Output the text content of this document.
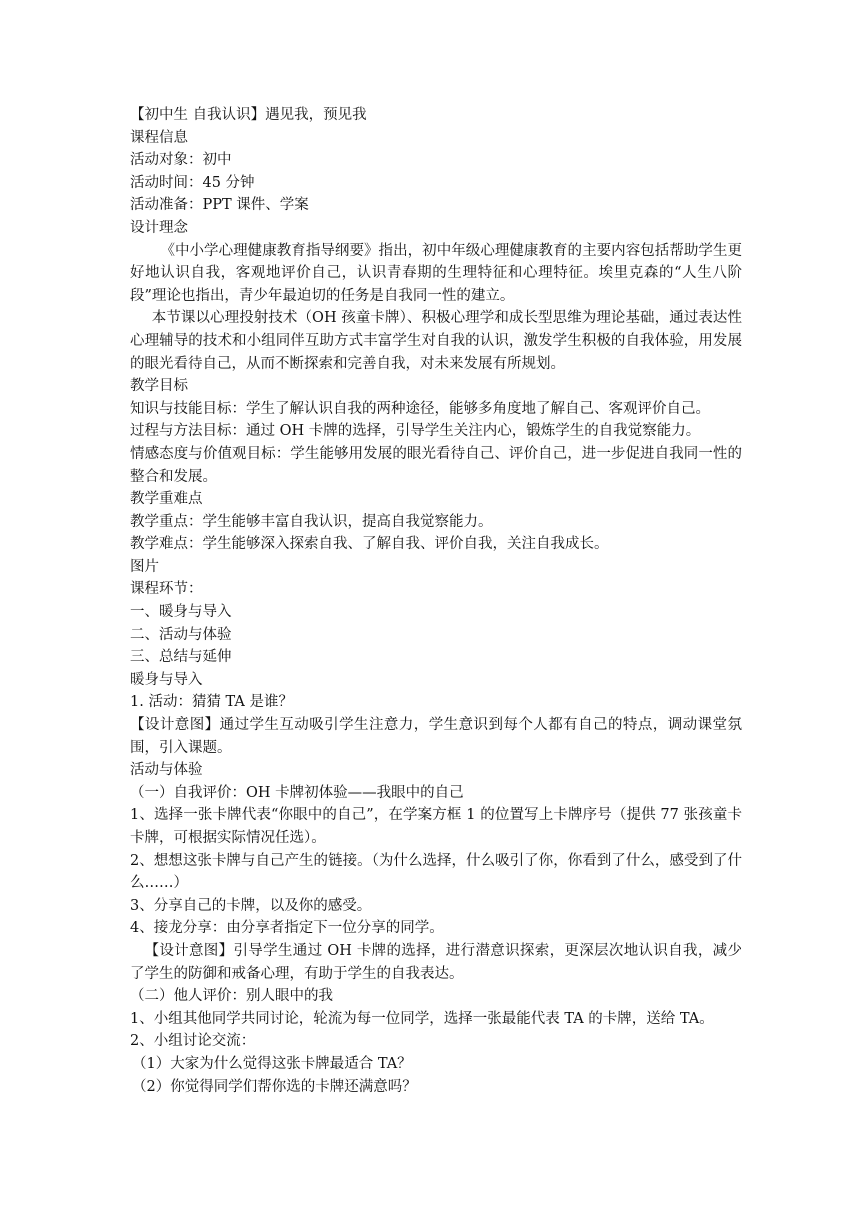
【初中生 自我认识】遇见我，预见我

课程信息

活动对象：初中

活动时间：45 分钟

活动准备：PPT 课件、学案

设计理念

《中小学心理健康教育指导纲要》指出，初中年级心理健康教育的主要内容包括帮助学生更好地认识自我，客观地评价自己，认识青春期的生理特征和心理特征。埃里克森的“人生八阶段”理论也指出，青少年最迫切的任务是自我同一性的建立。

本节课以心理投射技术（OH 孩童卡牌）、积极心理学和成长型思维为理论基础，通过表达性心理辅导的技术和小组同伴互助方式丰富学生对自我的认识，激发学生积极的自我体验，用发展的眼光看待自己，从而不断探索和完善自我，对未来发展有所规划。

教学目标

知识与技能目标：学生了解认识自我的两种途径，能够多角度地了解自己、客观评价自己。

过程与方法目标：通过 OH 卡牌的选择，引导学生关注内心，锻炼学生的自我觉察能力。

情感态度与价值观目标：学生能够用发展的眼光看待自己、评价自己，进一步促进自我同一性的整合和发展。

教学重难点

教学重点：学生能够丰富自我认识，提高自我觉察能力。

教学难点：学生能够深入探索自我、了解自我、评价自我，关注自我成长。

图片

课程环节：

一、暖身与导入

二、活动与体验

三、总结与延伸

暖身与导入

1. 活动：猜猜 TA 是谁？

【设计意图】通过学生互动吸引学生注意力，学生意识到每个人都有自己的特点，调动课堂氛围，引入课题。

活动与体验

（一）自我评价：OH 卡牌初体验——我眼中的自己

1、选择一张卡牌代表“你眼中的自己”，在学案方框 1 的位置写上卡牌序号（提供 77 张孩童卡卡牌，可根据实际情况任选）。

2、想想这张卡牌与自己产生的链接。（为什么选择，什么吸引了你，你看到了什么，感受到了什么……）

3、分享自己的卡牌，以及你的感受。

4、接龙分享：由分享者指定下一位分享的同学。

【设计意图】引导学生通过 OH 卡牌的选择，进行潜意识探索，更深层次地认识自我，减少了学生的防御和戒备心理，有助于学生的自我表达。

（二）他人评价：别人眼中的我

1、小组其他同学共同讨论，轮流为每一位同学，选择一张最能代表 TA 的卡牌，送给 TA。

2、小组讨论交流：

（1）大家为什么觉得这张卡牌最适合 TA？

（2）你觉得同学们帮你选的卡牌还满意吗？
